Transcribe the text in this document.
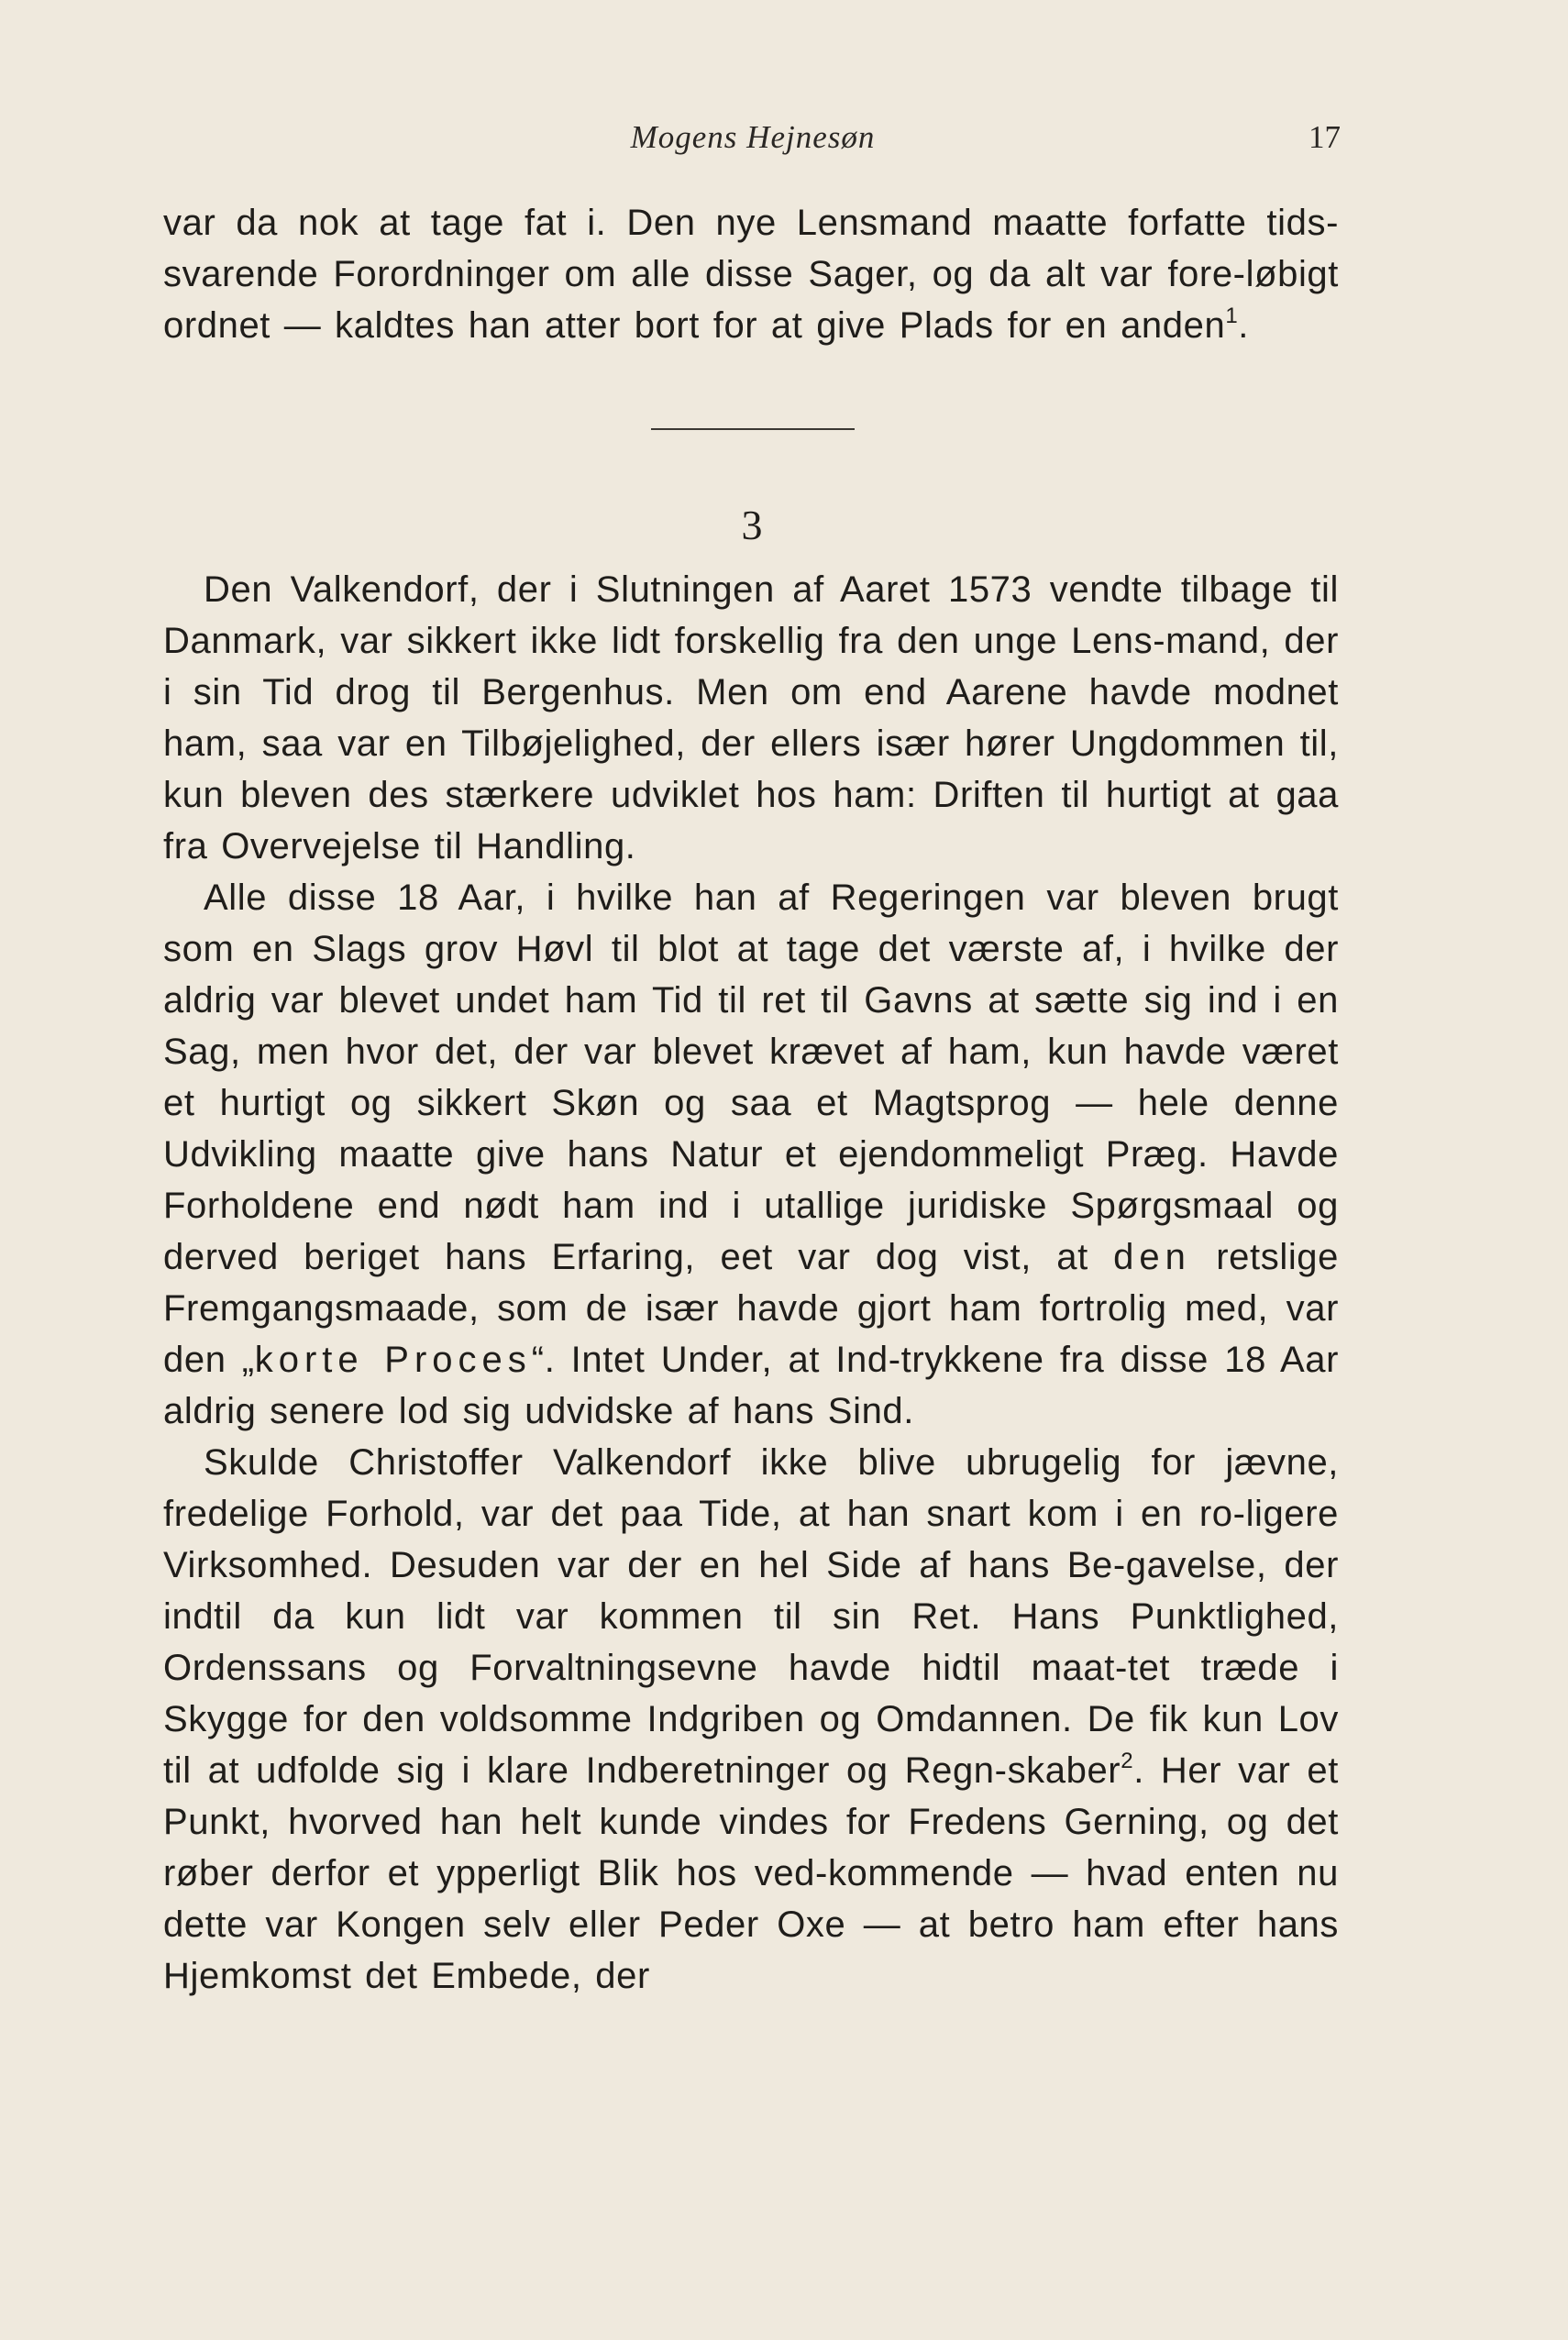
Mogens Hejnesøn	17

var da nok at tage fat i. Den nye Lensmand maatte forfatte tids-svarende Forordninger om alle disse Sager, og da alt var fore-løbigt ordnet — kaldtes han atter bort for at give Plads for en anden$^1$.

3

Den Valkendorf, der i Slutningen af Aaret 1573 vendte tilbage til Danmark, var sikkert ikke lidt forskellig fra den unge Lens-mand, der i sin Tid drog til Bergenhus. Men om end Aarene havde modnet ham, saa var en Tilbøjelighed, der ellers især hører Ungdommen til, kun bleven des stærkere udviklet hos ham: Driften til hurtigt at gaa fra Overvejelse til Handling.

Alle disse 18 Aar, i hvilke han af Regeringen var bleven brugt som en Slags grov Høvl til blot at tage det værste af, i hvilke der aldrig var blevet undet ham Tid til ret til Gavns at sætte sig ind i en Sag, men hvor det, der var blevet krævet af ham, kun havde været et hurtigt og sikkert Skøn og saa et Magtsprog — hele denne Udvikling maatte give hans Natur et ejendommeligt Præg. Havde Forholdene end nødt ham ind i utallige juridiske Spørgsmaal og derved beriget hans Erfaring, eet var dog vist, at den retslige Fremgangsmaade, som de især havde gjort ham fortrolig med, var den „korte Proces“. Intet Under, at Ind-trykkene fra disse 18 Aar aldrig senere lod sig udvidske af hans Sind.

Skulde Christoffer Valkendorf ikke blive ubrugelig for jævne, fredelige Forhold, var det paa Tide, at han snart kom i en ro-ligere Virksomhed. Desuden var der en hel Side af hans Be-gavelse, der indtil da kun lidt var kommen til sin Ret. Hans Punktlighed, Ordenssans og Forvaltningsevne havde hidtil maat-tet træde i Skygge for den voldsomme Indgriben og Omdannen. De fik kun Lov til at udfolde sig i klare Indberetninger og Regn-skaber$^2$. Her var et Punkt, hvorved han helt kunde vindes for Fredens Gerning, og det røber derfor et ypperligt Blik hos ved-kommende — hvad enten nu dette var Kongen selv eller Peder Oxe — at betro ham efter hans Hjemkomst det Embede, der
